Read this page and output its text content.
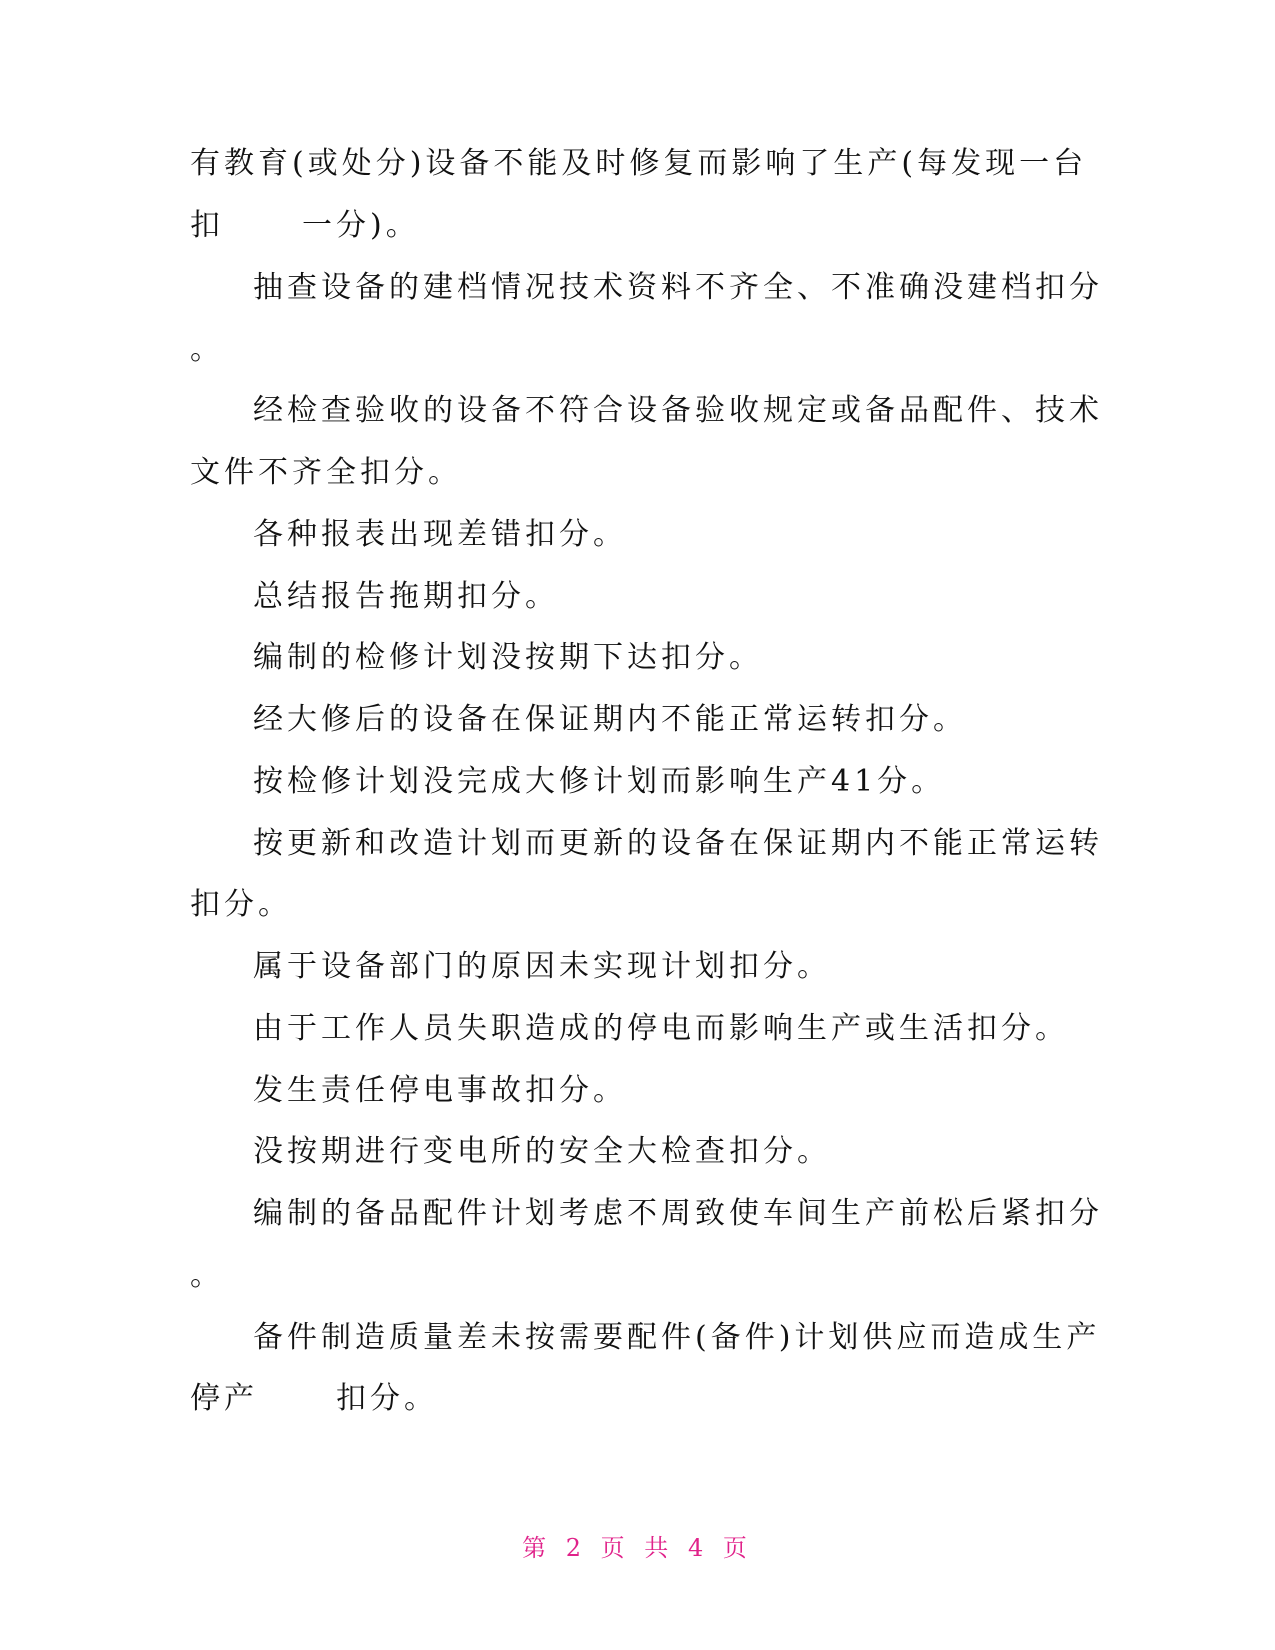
有教育(或处分)设备不能及时修复而影响了生产(每发现一台
扣	一分)。
抽查设备的建档情况技术资料不齐全、不准确没建档扣分
。
经检查验收的设备不符合设备验收规定或备品配件、技术
文件不齐全扣分。
各种报表出现差错扣分。
总结报告拖期扣分。
编制的检修计划没按期下达扣分。
经大修后的设备在保证期内不能正常运转扣分。
按检修计划没完成大修计划而影响生产41分。
按更新和改造计划而更新的设备在保证期内不能正常运转
扣分。
属于设备部门的原因未实现计划扣分。
由于工作人员失职造成的停电而影响生产或生活扣分。
发生责任停电事故扣分。
没按期进行变电所的安全大检查扣分。
编制的备品配件计划考虑不周致使车间生产前松后紧扣分
。
备件制造质量差未按需要配件(备件)计划供应而造成生产
停产	扣分。
第 2 页 共 4 页
